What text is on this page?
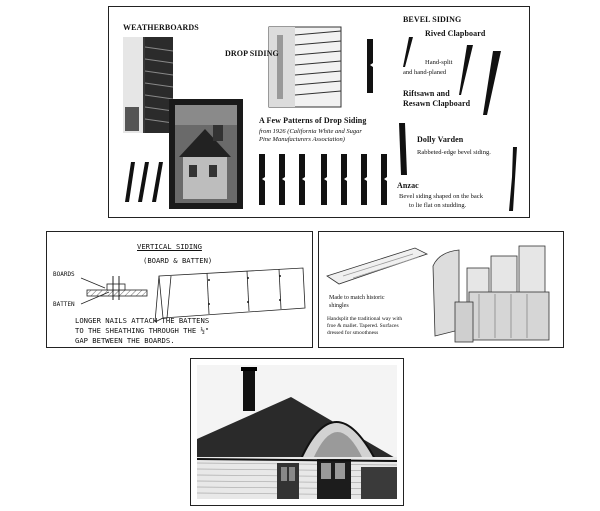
WEATHERBOARDS
DROP SIDING
BEVEL SIDING
Rived Clapboard
Hand-split
and hand-planed
Riftsawn and
Resawn Clapboard
A Few Patterns of Drop Siding
from 1926 (California White and Sugar
Pine Manufacturers Association)	Dolly Varden
Rabbeted-edge bevel siding.
Anzac
Bevel siding shaped on the back
to lie flat on studding.
VERTICAL SIDING
(BOARD & BATTEN)
BOARDS
BATTEN
LONGER NAILS ATTACH THE BATTENS
TO THE SHEATHING THROUGH THE ½"
GAP BETWEEN THE BOARDS.
Made to match historic
shingles
Handsplit the traditional way with
froe & mallet. Tapered. Surfaces
dressed for smoothness
